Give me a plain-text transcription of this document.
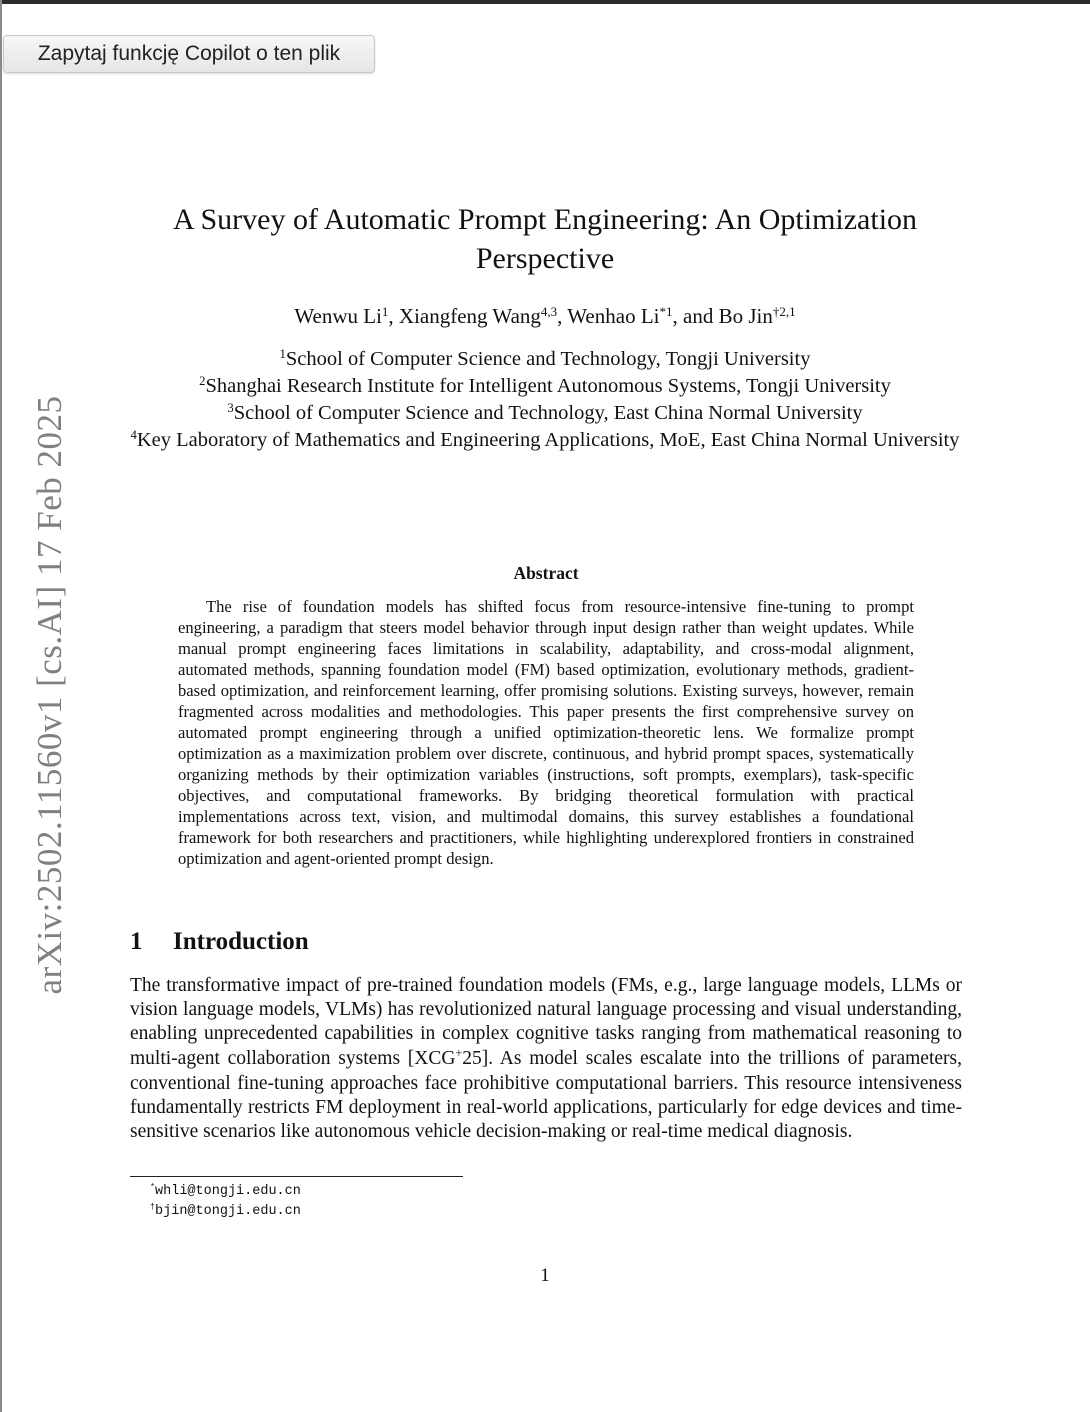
Zapytaj funkcję Copilot o ten plik
arXiv:2502.11560v1 [cs.AI] 17 Feb 2025
A Survey of Automatic Prompt Engineering: An Optimization Perspective
Wenwu Li$^1$, Xiangfeng Wang$^{4,3}$, Wenhao Li$^{*1}$, and Bo Jin$^{\dagger 2,1}$
$^1$School of Computer Science and Technology, Tongji University
$^2$Shanghai Research Institute for Intelligent Autonomous Systems, Tongji University
$^3$School of Computer Science and Technology, East China Normal University
$^4$Key Laboratory of Mathematics and Engineering Applications, MoE, East China Normal University
Abstract
The rise of foundation models has shifted focus from resource-intensive fine-tuning to prompt engineering, a paradigm that steers model behavior through input design rather than weight updates. While manual prompt engineering faces limitations in scalability, adaptability, and cross-modal alignment, automated methods, spanning foundation model (FM) based optimization, evolutionary methods, gradient-based optimization, and reinforcement learning, offer promising solutions. Existing surveys, however, remain fragmented across modalities and methodologies. This paper presents the first comprehensive survey on automated prompt engineering through a unified optimization-theoretic lens. We formalize prompt optimization as a maximization problem over discrete, continuous, and hybrid prompt spaces, systematically organizing methods by their optimization variables (instructions, soft prompts, exemplars), task-specific objectives, and computational frameworks. By bridging theoretical formulation with practical implementations across text, vision, and multimodal domains, this survey establishes a foundational framework for both researchers and practitioners, while highlighting underexplored frontiers in constrained optimization and agent-oriented prompt design.
1 Introduction
The transformative impact of pre-trained foundation models (FMs, e.g., large language models, LLMs or vision language models, VLMs) has revolutionized natural language processing and visual understanding, enabling unprecedented capabilities in complex cognitive tasks ranging from mathematical reasoning to multi-agent collaboration systems [XCG+25]. As model scales escalate into the trillions of parameters, conventional fine-tuning approaches face prohibitive computational barriers. This resource intensiveness fundamentally restricts FM deployment in real-world applications, particularly for edge devices and time-sensitive scenarios like autonomous vehicle decision-making or real-time medical diagnosis.
*whli@tongji.edu.cn
†bjin@tongji.edu.cn
1
